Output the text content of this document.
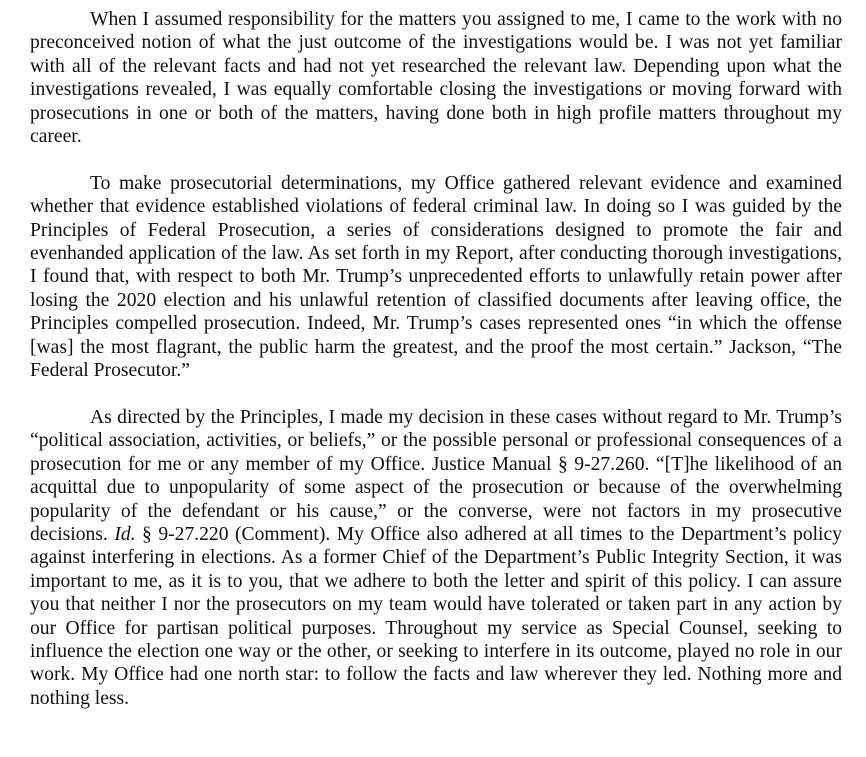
When I assumed responsibility for the matters you assigned to me, I came to the work with no preconceived notion of what the just outcome of the investigations would be. I was not yet familiar with all of the relevant facts and had not yet researched the relevant law. Depending upon what the investigations revealed, I was equally comfortable closing the investigations or moving forward with prosecutions in one or both of the matters, having done both in high profile matters throughout my career.

To make prosecutorial determinations, my Office gathered relevant evidence and examined whether that evidence established violations of federal criminal law. In doing so I was guided by the Principles of Federal Prosecution, a series of considerations designed to promote the fair and evenhanded application of the law. As set forth in my Report, after conducting thorough investigations, I found that, with respect to both Mr. Trump’s unprecedented efforts to unlawfully retain power after losing the 2020 election and his unlawful retention of classified documents after leaving office, the Principles compelled prosecution. Indeed, Mr. Trump’s cases represented ones “in which the offense [was] the most flagrant, the public harm the greatest, and the proof the most certain.” Jackson, “The Federal Prosecutor.”

As directed by the Principles, I made my decision in these cases without regard to Mr. Trump’s “political association, activities, or beliefs,” or the possible personal or professional consequences of a prosecution for me or any member of my Office. Justice Manual § 9-27.260. “[T]he likelihood of an acquittal due to unpopularity of some aspect of the prosecution or because of the overwhelming popularity of the defendant or his cause,” or the converse, were not factors in my prosecutive decisions. Id. § 9-27.220 (Comment). My Office also adhered at all times to the Department’s policy against interfering in elections. As a former Chief of the Department’s Public Integrity Section, it was important to me, as it is to you, that we adhere to both the letter and spirit of this policy. I can assure you that neither I nor the prosecutors on my team would have tolerated or taken part in any action by our Office for partisan political purposes. Throughout my service as Special Counsel, seeking to influence the election one way or the other, or seeking to interfere in its outcome, played no role in our work. My Office had one north star: to follow the facts and law wherever they led. Nothing more and nothing less.
